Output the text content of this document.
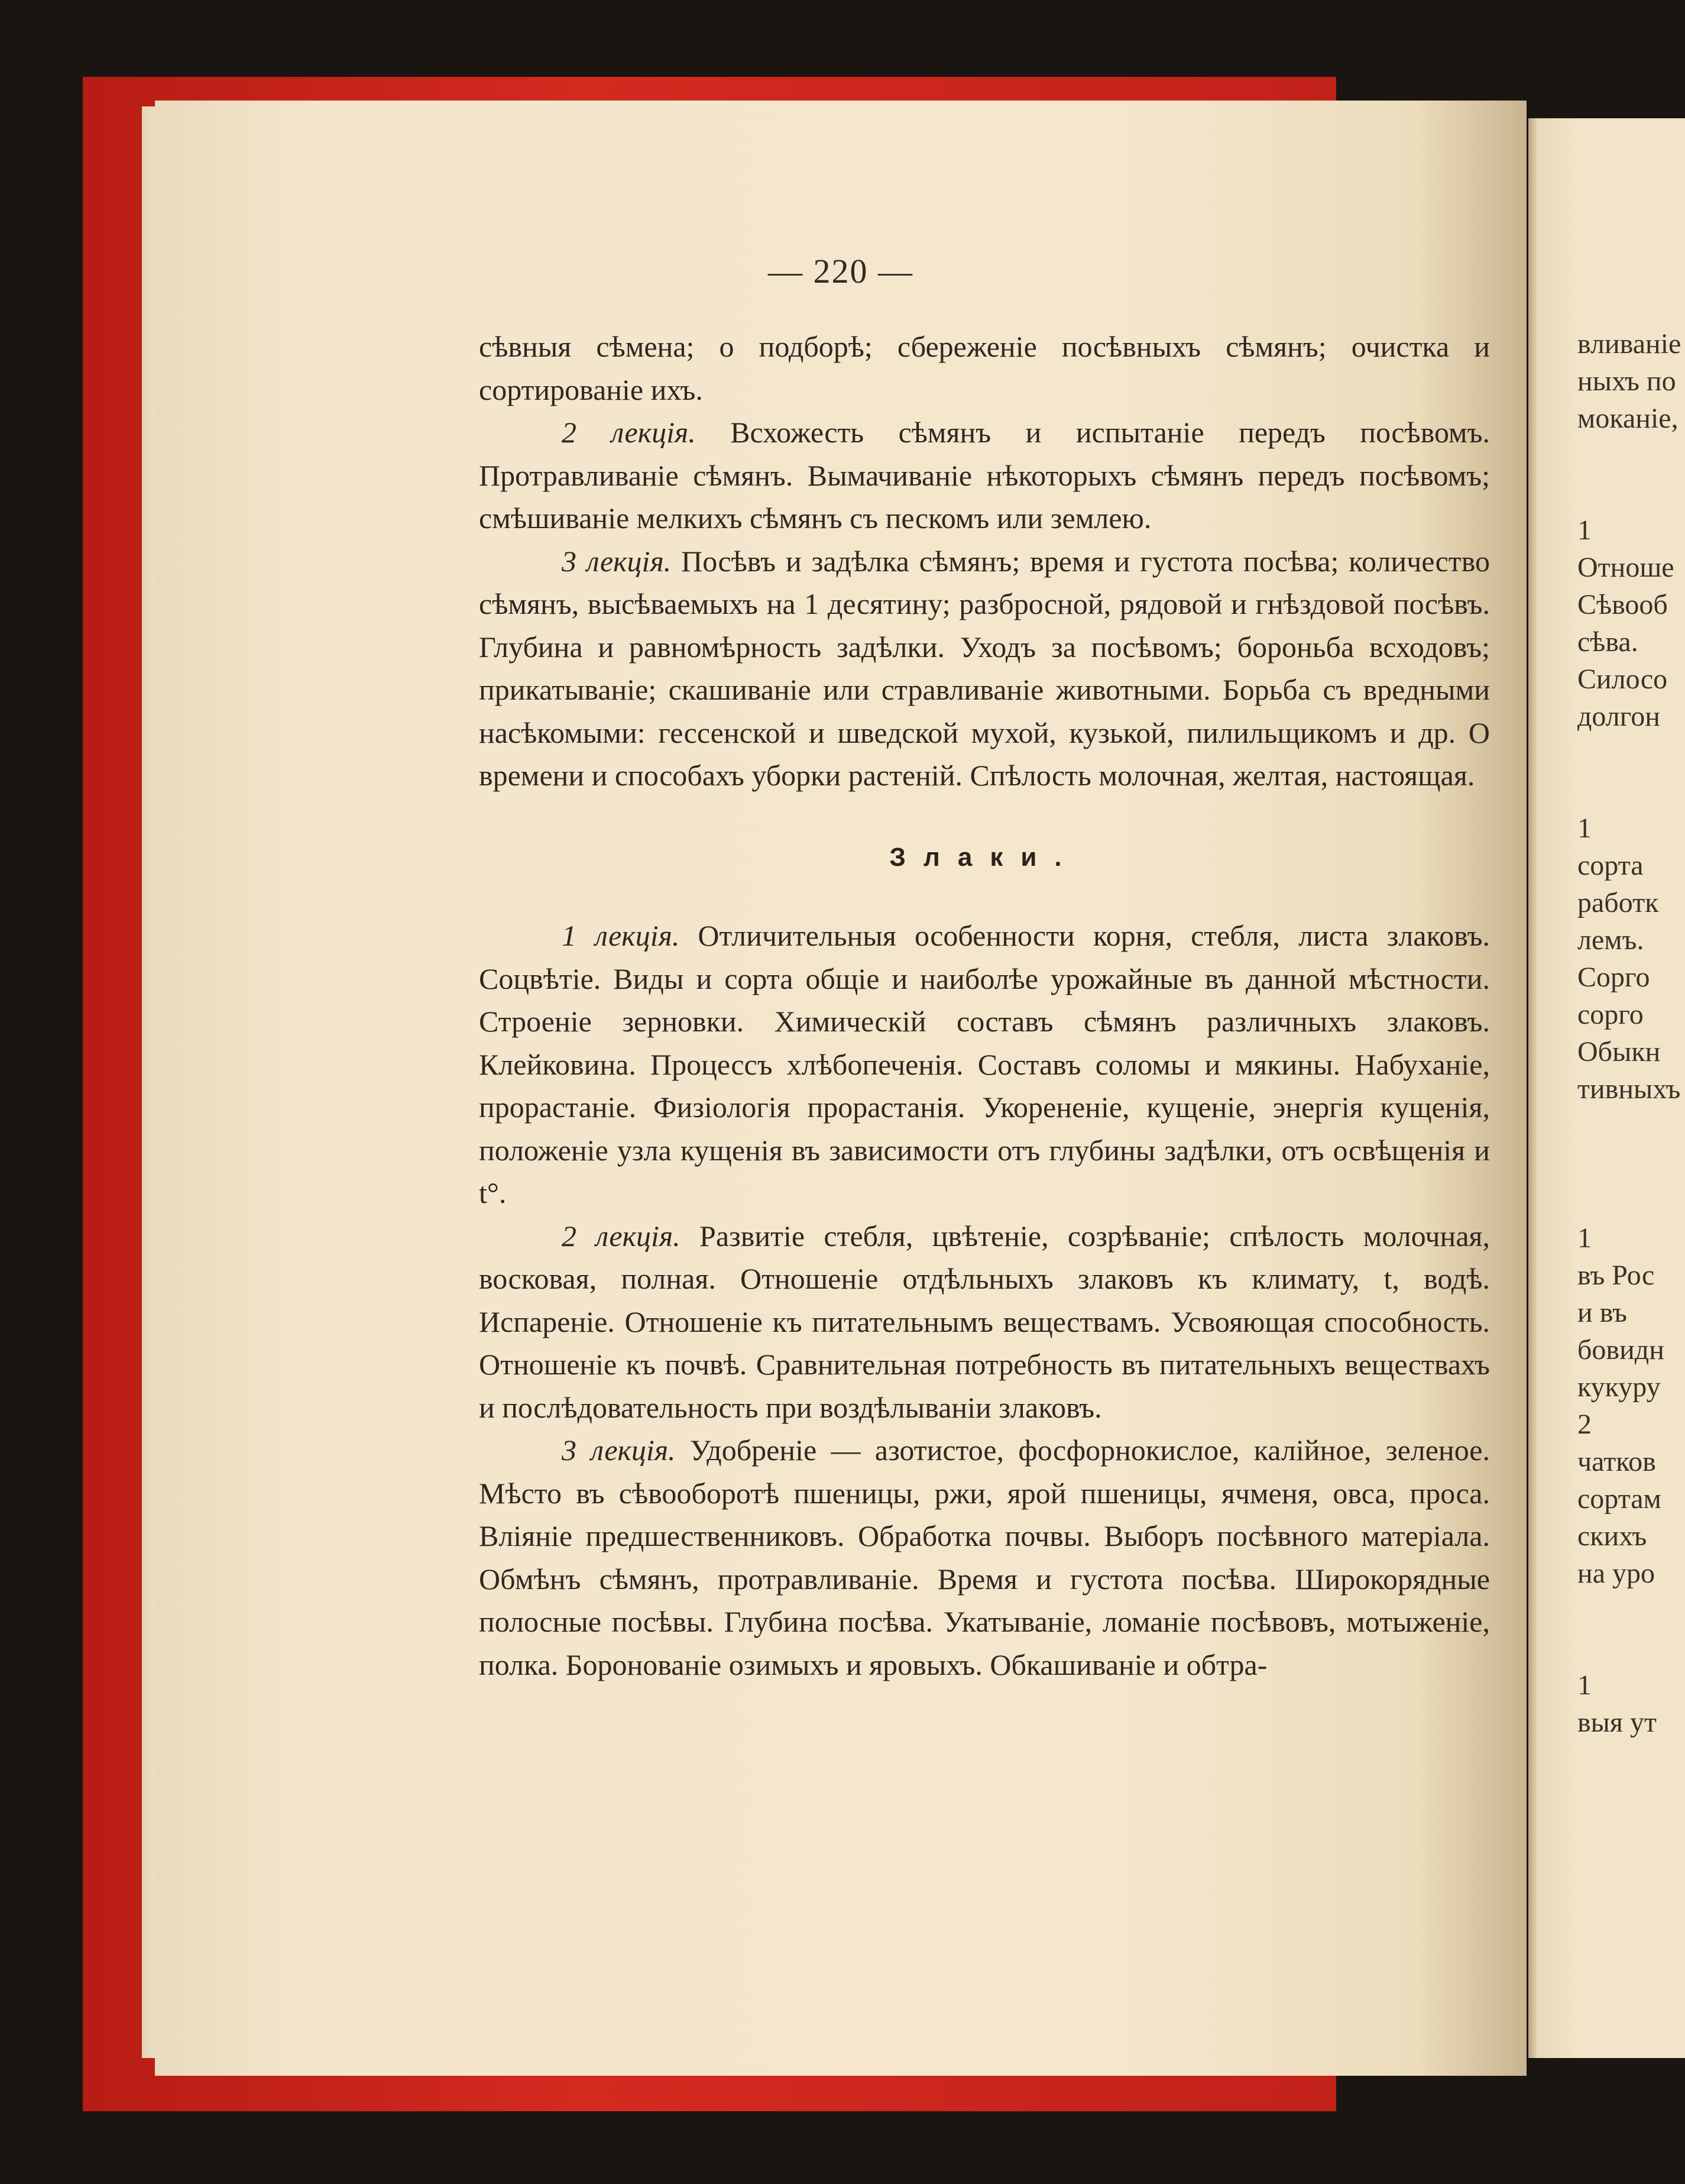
— 220 —

сѣвныя сѣмена; о подборѣ; сбереженіе посѣвныхъ сѣмянъ; очистка и сортированіе ихъ.

2 лекція. Всхожесть сѣмянъ и испытаніе передъ посѣвомъ. Протравливаніе сѣмянъ. Вымачиваніе нѣкоторыхъ сѣмянъ передъ посѣвомъ; смѣшиваніе мелкихъ сѣмянъ съ пескомъ или землею.

3 лекція. Посѣвъ и задѣлка сѣмянъ; время и густота посѣва; количество сѣмянъ, высѣваемыхъ на 1 десятину; разбросной, рядовой и гнѣздовой посѣвъ. Глубина и равномѣрность задѣлки. Уходъ за посѣвомъ; бороньба всходовъ; прикатываніе; скашиваніе или стравливаніе животными. Борьба съ вредными насѣкомыми: гессенской и шведской мухой, кузькой, пилильщикомъ и др. О времени и способахъ уборки растеній. Спѣлость молочная, желтая, настоящая.

Злаки.

1 лекція. Отличительныя особенности корня, стебля, листа злаковъ. Соцвѣтіе. Виды и сорта общіе и наиболѣе урожайные въ данной мѣстности. Строеніе зерновки. Химическій составъ сѣмянъ различныхъ злаковъ. Клейковина. Процессъ хлѣбопеченія. Составъ соломы и мякины. Набуханіе, прорастаніе. Физіологія прорастанія. Укорененіе, кущеніе, энергія кущенія, положеніе узла кущенія въ зависимости отъ глубины задѣлки, отъ освѣщенія и t°.

2 лекція. Развитіе стебля, цвѣтеніе, созрѣваніе; спѣлость молочная, восковая, полная. Отношеніе отдѣльныхъ злаковъ къ климату, t, водѣ. Испареніе. Отношеніе къ питательнымъ веществамъ. Усвояющая способность. Отношеніе къ почвѣ. Сравнительная потребность въ питательныхъ веществахъ и послѣдовательность при воздѣлываніи злаковъ.

3 лекція. Удобреніе — азотистое, фосфорнокислое, калійное, зеленое. Мѣсто въ сѣвооборотѣ пшеницы, ржи, ярой пшеницы, ячменя, овса, проса. Вліяніе предшественниковъ. Обработка почвы. Выборъ посѣвного матеріала. Обмѣнъ сѣмянъ, протравливаніе. Время и густота посѣва. Широкорядные полосные посѣвы. Глубина посѣва. Укатываніе, ломаніе посѣвовъ, мотыженіе, полка. Боронованіе озимыхъ и яровыхъ. Обкашиваніе и обтра-

вливаніе
ныхъ по
моканіе,
1
Отноше
Сѣвооб
сѣва.
Силосо
долгон
1
сорта
работк
лемъ.
Сорго
сорго
Обыкн
тивныхъ
1
въ Рос
и въ
бовидн
кукуру
2
чатков
сортам
скихъ
на уро
1
выя ут
